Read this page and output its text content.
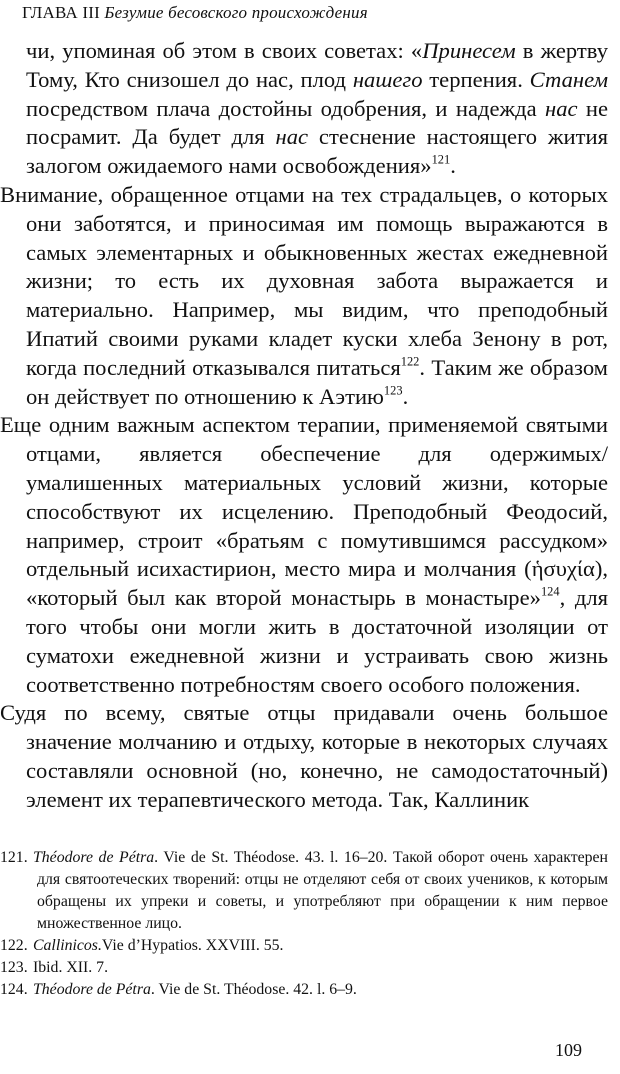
ГЛАВА III Безумие бесовского происхождения

чи, упоминая об этом в своих советах: «Принесем в жертву Тому, Кто снизошел до нас, плод нашего терпения. Станем посредством плача достойны одобрения, и надежда нас не посрамит. Да будет для нас стеснение настоящего жития залогом ожидаемого нами освобождения»$^{121}$.

Внимание, обращенное отцами на тех страдальцев, о которых они заботятся, и приносимая им помощь выражаются в самых элементарных и обыкновенных жестах ежедневной жизни; то есть их духовная забота выражается и материально. Например, мы видим, что преподобный Ипатий своими руками кладет куски хлеба Зенону в рот, когда последний отказывался питаться$^{122}$. Таким же образом он действует по отношению к Аэтию$^{123}$.

Еще одним важным аспектом терапии, применяемой святыми отцами, является обеспечение для одержимых/умалишенных материальных условий жизни, которые способствуют их исцелению. Преподобный Феодосий, например, строит «братьям с помутившимся рассудком» отдельный исихастирион, место мира и молчания (ἡσυχία), «который был как второй монастырь в монастыре»$^{124}$, для того чтобы они могли жить в достаточной изоляции от суматохи ежедневной жизни и устраивать свою жизнь соответственно потребностям своего особого положения.

Судя по всему, святые отцы придавали очень большое значение молчанию и отдыху, которые в некоторых случаях составляли основной (но, конечно, не самодостаточный) элемент их терапевтического метода. Так, Каллиник

121. Théodore de Pétra. Vie de St. Théodose. 43. l. 16–20. Такой оборот очень характерен для святоотеческих творений: отцы не отделяют себя от своих учеников, к которым обращены их упреки и советы, и употребляют при обращении к ним первое множественное лицо.
122. Callinicos.Vie d’Hypatios. XXVIII. 55.
123. Ibid. XII. 7.
124. Théodore de Pétra. Vie de St. Théodose. 42. l. 6–9.
109
